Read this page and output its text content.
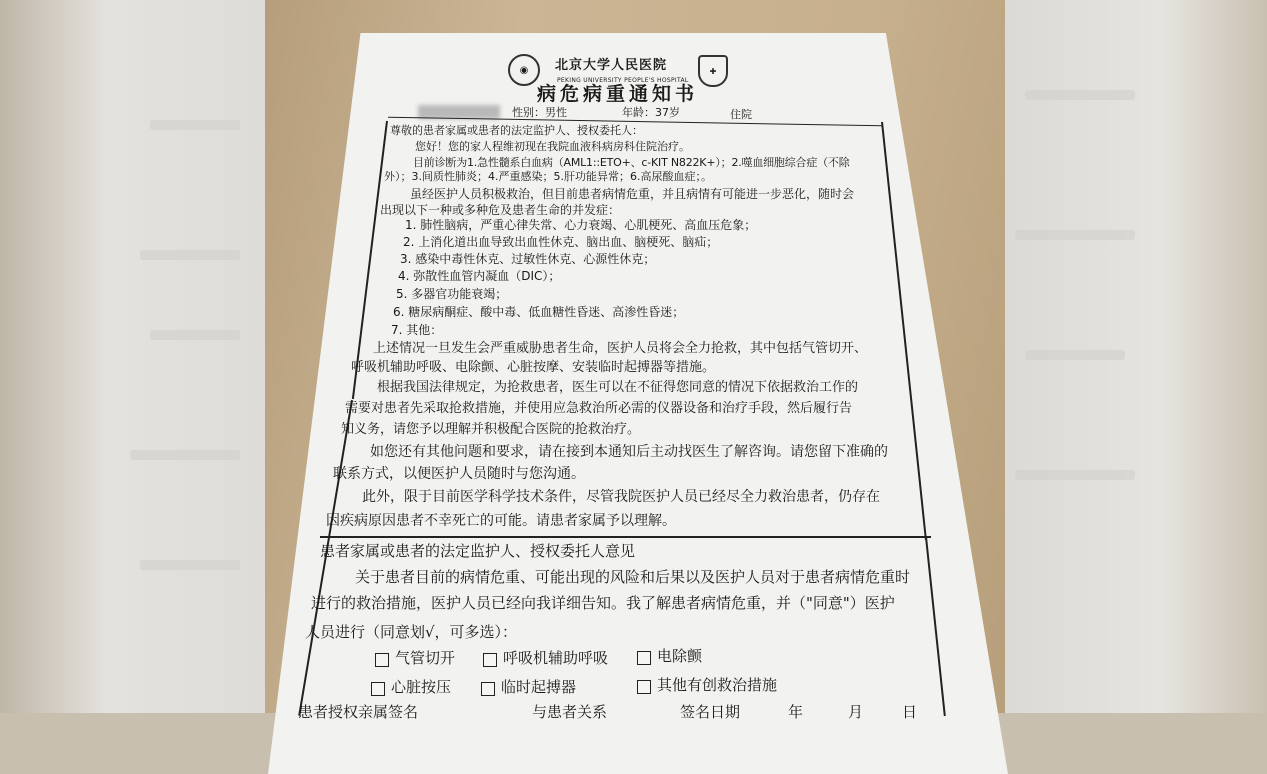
◉	北京大学人民医院
PEKING UNIVERSITY PEOPLE'S HOSPITAL
✚
病危病重通知书
性别：男性	年龄：37岁	住院
尊敬的患者家属或患者的法定监护人、授权委托人：
您好！您的家人程维初现在我院血液科病房科住院治疗。
目前诊断为1.急性髓系白血病（AML1::ETO+、c-KIT N822K+）；2.噬血细胞综合症（不除
外）；3.间质性肺炎；4.严重感染；5.肝功能异常；6.高尿酸血症；。
虽经医护人员积极救治，但目前患者病情危重，并且病情有可能进一步恶化，随时会
出现以下一种或多种危及患者生命的并发症：
1. 肺性脑病，严重心律失常、心力衰竭、心肌梗死、高血压危象；
2. 上消化道出血导致出血性休克、脑出血、脑梗死、脑疝；
3. 感染中毒性休克、过敏性休克、心源性休克；
4. 弥散性血管内凝血（DIC）；
5. 多器官功能衰竭；
6. 糖尿病酮症、酸中毒、低血糖性昏迷、高渗性昏迷；
7. 其他：
上述情况一旦发生会严重威胁患者生命，医护人员将会全力抢救，其中包括气管切开、
呼吸机辅助呼吸、电除颤、心脏按摩、安装临时起搏器等措施。
根据我国法律规定，为抢救患者，医生可以在不征得您同意的情况下依据救治工作的
需要对患者先采取抢救措施，并使用应急救治所必需的仪器设备和治疗手段，然后履行告
知义务，请您予以理解并积极配合医院的抢救治疗。
如您还有其他问题和要求，请在接到本通知后主动找医生了解咨询。请您留下准确的
联系方式，以便医护人员随时与您沟通。
此外，限于目前医学科学技术条件，尽管我院医护人员已经尽全力救治患者，仍存在
因疾病原因患者不幸死亡的可能。请患者家属予以理解。
患者家属或患者的法定监护人、授权委托人意见
关于患者目前的病情危重、可能出现的风险和后果以及医护人员对于患者病情危重时
进行的救治措施，医护人员已经向我详细告知。我了解患者病情危重，并（"同意"）医护
人员进行（同意划√，可多选）：
气管切开	呼吸机辅助呼吸	电除颤
心脏按压	临时起搏器	其他有创救治措施
患者授权亲属签名	与患者关系	签名日期	年	月	日
